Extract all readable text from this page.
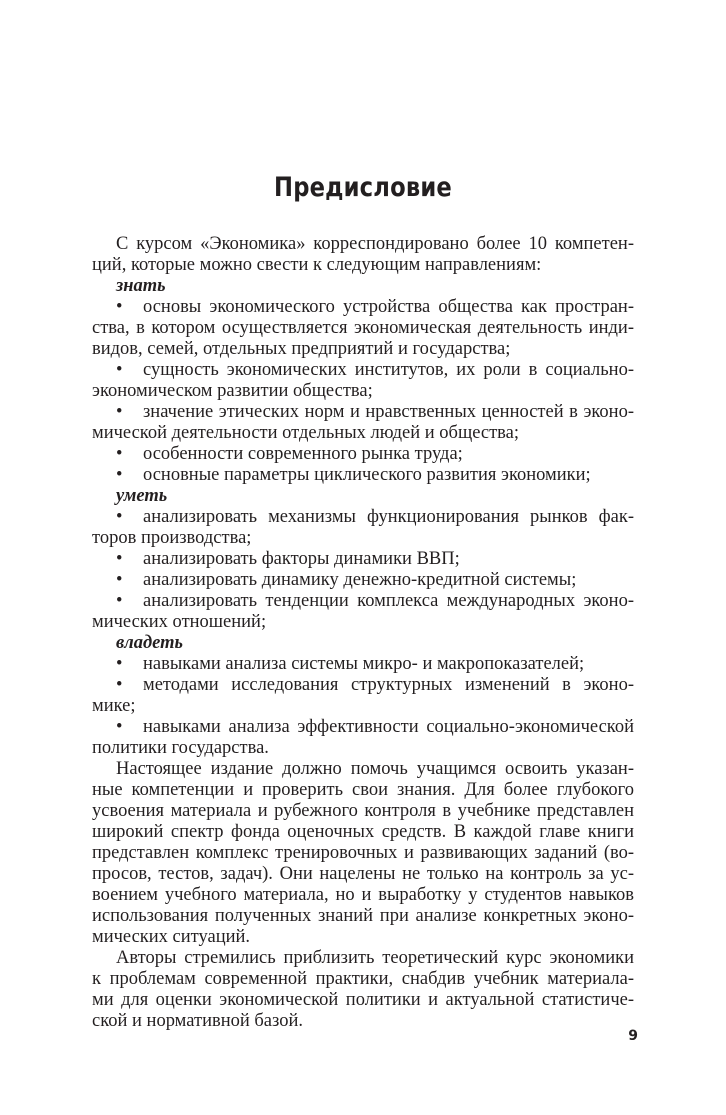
Предисловие
С курсом «Экономика» корреспондировано более 10 компетен-
ций, которые можно свести к следующим направлениям:
знать
• основы экономического устройства общества как простран-
ства, в котором осуществляется экономическая деятельность инди-
видов, семей, отдельных предприятий и государства;
• сущность экономических институтов, их роли в социально-
экономическом развитии общества;
• значение этических норм и нравственных ценностей в эконо-
мической деятельности отдельных людей и общества;
• особенности современного рынка труда;
• основные параметры циклического развития экономики;
уметь
• анализировать механизмы функционирования рынков фак-
торов производства;
• анализировать факторы динамики ВВП;
• анализировать динамику денежно-кредитной системы;
• анализировать тенденции комплекса международных эконо-
мических отношений;
владеть
• навыками анализа системы микро- и макропоказателей;
• методами исследования структурных изменений в эконо-
мике;
• навыками анализа эффективности социально-экономической
политики государства.
Настоящее издание должно помочь учащимся освоить указан-
ные компетенции и проверить свои знания. Для более глубокого
усвоения материала и рубежного контроля в учебнике представлен
широкий спектр фонда оценочных средств. В каждой главе книги
представлен комплекс тренировочных и развивающих заданий (во-
просов, тестов, задач). Они нацелены не только на контроль за ус-
воением учебного материала, но и выработку у студентов навыков
использования полученных знаний при анализе конкретных эконо-
мических ситуаций.
Авторы стремились приблизить теоретический курс экономики
к проблемам современной практики, снабдив учебник материала-
ми для оценки экономической политики и актуальной статистиче-
ской и нормативной базой.
9
